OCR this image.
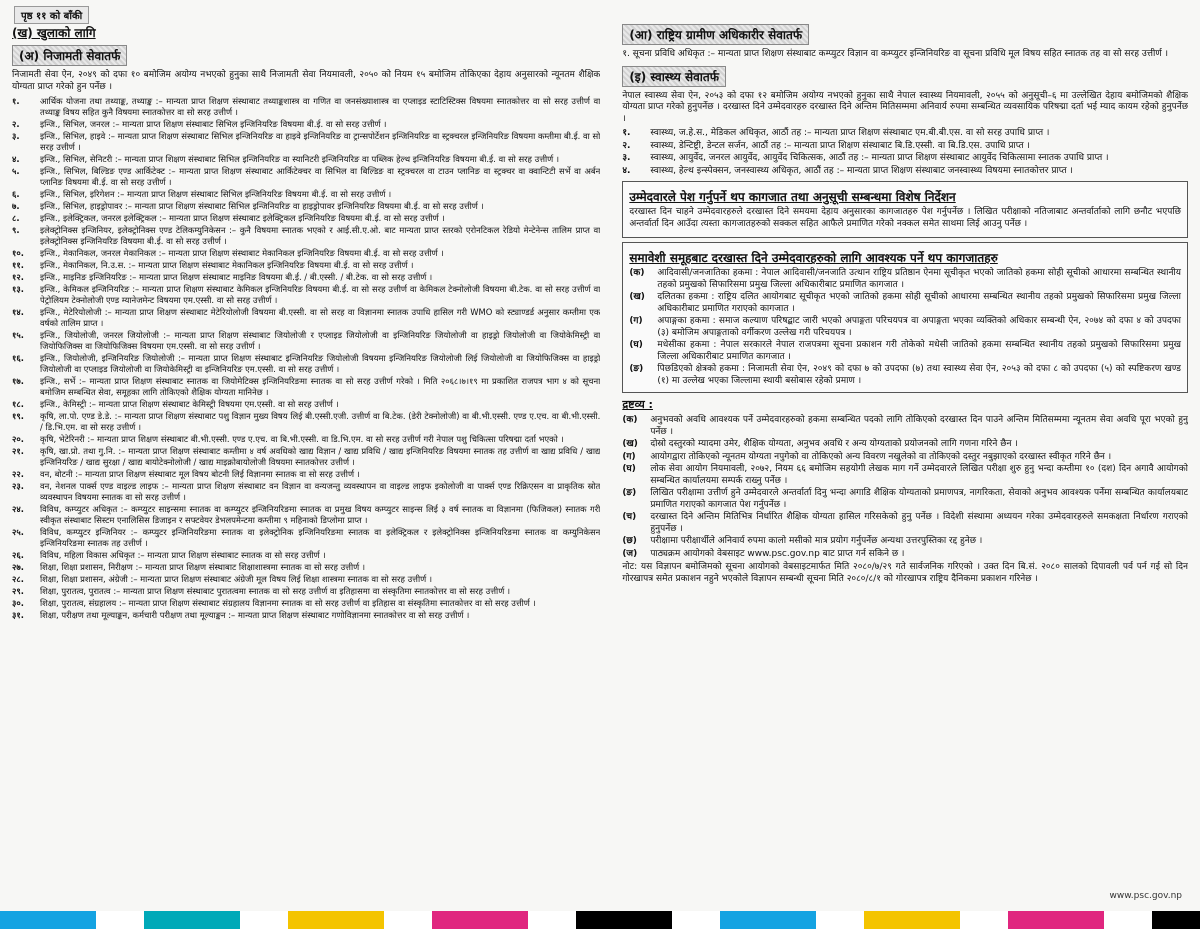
पृष्ठ ११ को बाँकी
(ख) खुलाको लागि
(अ) निजामती सेवातर्फ
निजामती सेवा ऐन, २०४९ को दफा १० बमोजिम अयोग्य नभएको हुनुका साथै निजामती सेवा नियमावली, २०५० को नियम १५ बमोजिम तोकिएका देहाय अनुसारको न्यूनतम शैक्षिक योग्यता प्राप्त गरेको हुन पर्नेछ ।
१.	आर्थिक योजना तथा तथ्याङ्क, तथ्याङ्क :– मान्यता प्राप्त शिक्षण संस्थाबाट तथ्याङ्कशास्त्र वा गणित वा जनसंख्याशास्त्र वा एप्लाइड स्टाटिस्टिक्स विषयमा स्नातकोत्तर वा सो सरह उत्तीर्ण वा तथ्याङ्क विषय सहित कुनै विषयमा स्नातकोत्तर वा सो सरह उत्तीर्ण ।
२.	इन्जि., सिभिल, जनरल :– मान्यता प्राप्त शिक्षण संस्थाबाट सिभिल इन्जिनियरिङ विषयमा बी.ई. वा सो सरह उत्तीर्ण ।
३.	इन्जि., सिभिल, हाइवे :– मान्यता प्राप्त शिक्षण संस्थाबाट सिभिल इन्जिनियरिङ वा हाइवे इन्जिनियरिङ वा ट्रान्सपोर्टेशन इन्जिनियरिङ वा स्ट्रक्चरल इन्जिनियरिङ विषयमा कम्तीमा बी.ई. वा सो सरह उत्तीर्ण ।
४.	इन्जि., सिभिल, सेनिटरी :– मान्यता प्राप्त शिक्षण संस्थाबाट सिभिल इन्जिनियरिङ वा स्यानिटरी इन्जिनियरिङ वा पब्लिक हेल्थ इन्जिनियरिङ विषयमा बी.ई. वा सो सरह उत्तीर्ण ।
५.	इन्जि., सिभिल, बिल्डिङ एण्ड आर्किटेक्ट :– मान्यता प्राप्त शिक्षण संस्थाबाट आर्किटेक्चर वा सिभिल वा बिल्डिङ वा स्ट्रक्चरल वा टाउन प्लानिङ वा स्ट्रक्चर वा क्वान्टिटी सर्भे वा अर्बन प्लानिङ विषयमा बी.ई. वा सो सरह उत्तीर्ण ।
६.	इन्जि., सिभिल, इरिगेशन :– मान्यता प्राप्त शिक्षण संस्थाबाट सिभिल इन्जिनियरिङ विषयमा बी.ई. वा सो सरह उत्तीर्ण ।
७.	इन्जि., सिभिल, हाइड्रोपावर :– मान्यता प्राप्त शिक्षण संस्थाबाट सिभिल इन्जिनियरिङ वा हाइड्रोपावर इन्जिनियरिङ विषयमा बी.ई. वा सो सरह उत्तीर्ण ।
८.	इन्जि., इलेक्ट्रिकल, जनरल इलेक्ट्रिकल :– मान्यता प्राप्त शिक्षण संस्थाबाट इलेक्ट्रिकल इन्जिनियरिङ विषयमा बी.ई. वा सो सरह उत्तीर्ण ।
९.	इलेक्ट्रोनिक्स इन्जिनियर, इलेक्ट्रोनिक्स एण्ड टेलिकम्युनिकेसन :– कुनै विषयमा स्नातक भएको र आई.सी.ए.ओ. बाट मान्यता प्राप्त स्तरको एरोनटिकल रेडियो मेन्टेनेन्स तालिम प्राप्त वा इलेक्ट्रोनिक्स इन्जिनियरिङ विषयमा बी.ई. वा सो सरह उत्तीर्ण ।
१०.	इन्जि., मेकानिकल, जनरल मेकानिकल :– मान्यता प्राप्त शिक्षण संस्थाबाट मेकानिकल इन्जिनियरिङ विषयमा बी.ई. वा सो सरह उत्तीर्ण ।
११.	इन्जि., मेकानिकल, नि.उ.स. :– मान्यता प्राप्त शिक्षण संस्थाबाट मेकानिकल इन्जिनियरिङ विषयमा बी.ई. वा सो सरह उत्तीर्ण ।
१२.	इन्जि., माइनिङ इन्जिनियरिङ :– मान्यता प्राप्त शिक्षण संस्थाबाट माइनिङ विषयमा बी.ई. / बी.एस्सी. / बी.टेक. वा सो सरह उत्तीर्ण ।
१३.	इन्जि., केमिकल इन्जिनियरिङ :– मान्यता प्राप्त शिक्षण संस्थाबाट केमिकल इन्जिनियरिङ विषयमा बी.ई. वा सो सरह उत्तीर्ण वा केमिकल टेक्नोलोजी विषयमा बी.टेक. वा सो सरह उत्तीर्ण वा पेट्रोलियम टेक्नोलोजी एण्ड म्यानेजमेन्ट विषयमा एम.एस्सी. वा सो सरह उत्तीर्ण ।
१४.	इन्जि., मेटेरियोलोजी :– मान्यता प्राप्त शिक्षण संस्थाबाट मेटेरियोलोजी विषयमा बी.एस्सी. वा सो सरह वा विज्ञानमा स्नातक उपाधि हासिल गरी WMO को स्ट्याण्डर्ड अनुसार कम्तीमा एक वर्षको तालिम प्राप्त ।
१५.	इन्जि., जियोलोजी, जनरल जियोलोजी :– मान्यता प्राप्त शिक्षण संस्थाबाट जियोलोजी र एप्लाइड जियोलोजी वा इन्जिनियरिङ जियोलोजी वा हाइड्रो जियोलोजी वा जियोकेमिस्ट्री वा जियोफिजिक्स वा जियोफिजिक्स विषयमा एम.एस्सी. वा सो सरह उत्तीर्ण ।
१६.	इन्जि., जियोलोजी, इन्जिनियरिङ जियोलोजी :– मान्यता प्राप्त शिक्षण संस्थाबाट इन्जिनियरिङ जियोलोजी विषयमा इन्जिनियरिङ जियोलोजी लिई जियोलोजी वा जियोफिजिक्स वा हाइड्रो जियोलोजी वा एप्लाइड जियोलोजी वा जियोकेमिस्ट्री वा इन्जिनियरिङ एम.एस्सी. वा सो सरह उत्तीर्ण ।
१७.	इन्जि., सर्भे :– मान्यता प्राप्त शिक्षण संस्थाबाट स्नातक वा जियोमेटिक्स इन्जिनियरिङमा स्नातक वा सो सरह उत्तीर्ण गरेको । मिति २०६८।७।१९ मा प्रकाशित राजपत्र भाग ४ को सूचना बमोजिम सम्बन्धित सेवा, समूहका लागि तोकिएको शैक्षिक योग्यता मानिनेछ ।
१८.	इन्जि., केमिस्ट्री :– मान्यता प्राप्त शिक्षण संस्थाबाट केमिस्ट्री विषयमा एम.एस्सी. वा सो सरह उत्तीर्ण ।
१९.	कृषि, ला.पो. एण्ड डे.डे. :– मान्यता प्राप्त शिक्षण संस्थाबाट पशु विज्ञान मुख्य विषय लिई बी.एस्सी.एजी. उत्तीर्ण वा बि.टेक. (डेरी टेक्नोलोजी) वा बी.भी.एस्सी. एण्ड ए.एच. वा बी.भी.एस्सी. / डि.भि.एम. वा सो सरह उत्तीर्ण ।
२०.	कृषि, भेटेरिनरी :– मान्यता प्राप्त शिक्षण संस्थाबाट बी.भी.एस्सी. एण्ड ए.एच. वा बि.भी.एस्सी. वा डि.भि.एम. वा सो सरह उत्तीर्ण गरी नेपाल पशु चिकित्सा परिषद्मा दर्ता भएको ।
२१.	कृषि, खा.प्रो. तथा गु.नि. :– मान्यता प्राप्त शिक्षण संस्थाबाट कम्तीमा ४ वर्ष अवधिको खाद्य विज्ञान / खाद्य प्रविधि / खाद्य इन्जिनियरिङ विषयमा स्नातक तह उत्तीर्ण वा खाद्य प्रविधि / खाद्य इन्जिनियरिङ / खाद्य सुरक्षा / खाद्य बायोटेक्नोलोजी / खाद्य माइक्रोबायोलोजी विषयमा स्नातकोत्तर उत्तीर्ण ।
२२.	वन, बोटनी :– मान्यता प्राप्त शिक्षण संस्थाबाट मूल विषय बोटनी लिई विज्ञानमा स्नातक वा सो सरह उत्तीर्ण ।
२३.	वन, नेशनल पार्क्स एण्ड वाइल्ड लाइफ :– मान्यता प्राप्त शिक्षण संस्थाबाट वन विज्ञान वा वन्यजन्तु व्यवस्थापन वा वाइल्ड लाइफ इकोलोजी वा पार्क्स एण्ड रिक्रिएसन वा प्राकृतिक स्रोत व्यवस्थापन विषयमा स्नातक वा सो सरह उत्तीर्ण ।
२४.	विविध, कम्प्युटर अधिकृत :– कम्प्युटर साइन्समा स्नातक वा कम्प्युटर इन्जिनियरिङमा स्नातक वा प्रमुख विषय कम्प्युटर साइन्स लिई ३ वर्ष स्नातक वा विज्ञानमा (फिजिकल) स्नातक गरी स्वीकृत संस्थाबाट सिस्टम एनालिसिस डिजाइन र सफ्टवेयर डेभलपमेन्टमा कम्तीमा ९ महिनाको डिप्लोमा प्राप्त ।
२५.	विविध, कम्प्युटर इन्जिनियर :– कम्प्युटर इन्जिनियरिङमा स्नातक वा इलेक्ट्रोनिक इन्जिनियरिङमा स्नातक वा इलेक्ट्रिकल र इलेक्ट्रोनिक्स इन्जिनियरिङमा स्नातक वा कम्युनिकेसन इन्जिनियरिङमा स्नातक तह उत्तीर्ण ।
२६.	विविध, महिला विकास अधिकृत :– मान्यता प्राप्त शिक्षण संस्थाबाट स्नातक वा सो सरह उत्तीर्ण ।
२७.	शिक्षा, शिक्षा प्रशासन, निरीक्षण :– मान्यता प्राप्त शिक्षण संस्थाबाट शिक्षाशास्त्रमा स्नातक वा सो सरह उत्तीर्ण ।
२८.	शिक्षा, शिक्षा प्रशासन, अंग्रेजी :– मान्यता प्राप्त शिक्षण संस्थाबाट अंग्रेजी मूल विषय लिई शिक्षा शास्त्रमा स्नातक वा सो सरह उत्तीर्ण ।
२९.	शिक्षा, पुरातत्व, पुरातत्व :– मान्यता प्राप्त शिक्षण संस्थाबाट पुरातत्वमा स्नातक वा सो सरह उत्तीर्ण वा इतिहासमा वा संस्कृतिमा स्नातकोत्तर वा सो सरह उत्तीर्ण ।
३०.	शिक्षा, पुरातत्व, संग्रहालय :– मान्यता प्राप्त शिक्षण संस्थाबाट संग्रहालय विज्ञानमा स्नातक वा सो सरह उत्तीर्ण वा इतिहास वा संस्कृतिमा स्नातकोत्तर वा सो सरह उत्तीर्ण ।
३१.	शिक्षा, परीक्षण तथा मूल्याङ्कन, कर्मचारी परीक्षण तथा मूल्याङ्कन :– मान्यता प्राप्त शिक्षण संस्थाबाट गणोविज्ञानमा स्नातकोत्तर वा सो सरह उत्तीर्ण ।
(आ) राष्ट्रिय ग्रामीण अधिकारीर सेवातर्फ
१. सूचना प्रविधि अधिकृत :– मान्यता प्राप्त शिक्षण संस्थाबाट कम्प्युटर विज्ञान वा कम्प्युटर इन्जिनियरिङ वा सूचना प्रविधि मूल विषय सहित स्नातक तह वा सो सरह उत्तीर्ण ।
(इ) स्वास्थ्य सेवातर्फ
नेपाल स्वास्थ्य सेवा ऐन, २०५३ को दफा १२ बमोजिम अयोग्य नभएको हुनुका साथै नेपाल स्वास्थ्य नियमावली, २०५५ को अनुसूची–६ मा उल्लेखित देहाय बमोजिमको शैक्षिक योग्यता प्राप्त गरेको हुनुपर्नेछ । दरखास्त दिने उम्मेदवारहरु दरखास्त दिने अन्तिम मितिसम्ममा अनिवार्य रुपमा सम्बन्धित व्यवसायिक परिषद्मा दर्ता भई म्याद कायम रहेको हुनुपर्नेछ ।
१.	स्वास्थ्य, ज.हे.स., मेडिकल अधिकृत, आठौं तह :– मान्यता प्राप्त शिक्षण संस्थाबाट एम.बी.बी.एस. वा सो सरह उपाधि प्राप्त ।
२.	स्वास्थ्य, डेन्टिष्ट्री, डेन्टल सर्जन, आठौं तह :– मान्यता प्राप्त शिक्षण संस्थाबाट बि.डि.एस्सी. वा बि.डि.एस. उपाधि प्राप्त ।
३.	स्वास्थ्य, आयुर्वेद, जनरल आयुर्वेद, आयुर्वेद चिकित्सक, आठौं तह :– मान्यता प्राप्त शिक्षण संस्थाबाट आयुर्वेद चिकित्सामा स्नातक उपाधि प्राप्त ।
४.	स्वास्थ्य, हेल्थ इन्स्पेक्सन, जनस्वास्थ्य अधिकृत, आठौं तह :– मान्यता प्राप्त शिक्षण संस्थाबाट जनस्वास्थ्य विषयमा स्नातकोत्तर प्राप्त ।
उम्मेदवारले पेश गर्नुपर्ने थप कागजात तथा अनुसूची सम्बन्धमा विशेष निर्देशन
दरखास्त दिन चाहने उम्मेदवारहरुले दरखास्त दिने समयमा देहाय अनुसारका कागजातहरु पेश गर्नुपर्नेछ । लिखित परीक्षाको नतिजाबाट अन्तर्वार्ताको लागि छनौट भएपछि अन्तर्वार्ता दिन आउँदा त्यस्ता कागजातहरुको सक्कल सहित आफैले प्रमाणित गरेको नक्कल समेत साथमा लिई आउनु पर्नेछ ।
समावेशी समूहबाट दरखास्त दिने उम्मेदवारहरुको लागि आवश्यक पर्ने थप कागजातहरु
(क)	आदिवासी/जनजातिका हकमा : नेपाल आदिवासी/जनजाति उत्थान राष्ट्रिय प्रतिष्ठान ऐनमा सूचीकृत भएको जातिको हकमा सोही सूचीको आधारमा सम्बन्धित स्थानीय तहको प्रमुखको सिफारिसमा प्रमुख जिल्ला अधिकारीबाट प्रमाणित कागजात ।
(ख)	दलितका हकमा : राष्ट्रिय दलित आयोगबाट सूचीकृत भएको जातिको हकमा सोही सूचीको आधारमा सम्बन्धित स्थानीय तहको प्रमुखको सिफारिसमा प्रमुख जिल्ला अधिकारीबाट प्रमाणित गराएको कागजात ।
(ग)	अपाङ्गका हकमा : समाज कल्याण परिषद्बाट जारी भएको अपाङ्गता परिचयपत्र वा अपाङ्गता भएका व्यक्तिको अधिकार सम्बन्धी ऐन, २०७४ को दफा ४ को उपदफा (३) बमोजिम अपाङ्गताको वर्गीकरण उल्लेख गरी परिचयपत्र ।
(घ)	मधेसीका हकमा : नेपाल सरकारले नेपाल राजपत्रमा सूचना प्रकाशन गरी तोकेको मधेसी जातिको हकमा सम्बन्धित स्थानीय तहको प्रमुखको सिफारिसमा प्रमुख जिल्ला अधिकारीबाट प्रमाणित कागजात ।
(ङ)	पिछडिएको क्षेत्रको हकमा : निजामती सेवा ऐन, २०४९ को दफा ७ को उपदफा (७) तथा स्वास्थ्य सेवा ऐन, २०५३ को दफा ८ को उपदफा (५) को स्पष्टिकरण खण्ड (१) मा उल्लेख भएका जिल्लामा स्थायी बसोबास रहेको प्रमाण ।
द्रष्टव्य :
(क)	अनुभवको अवधि आवश्यक पर्ने उम्मेदवारहरुको हकमा सम्बन्धित पदको लागि तोकिएको दरखास्त दिन पाउने अन्तिम मितिसम्ममा न्यूनतम सेवा अवधि पूरा भएको हुनु पर्नेछ ।
(ख)	दोस्रो दस्तुरको म्यादमा उमेर, शैक्षिक योग्यता, अनुभव अवधि र अन्य योग्यताको प्रयोजनको लागि गणना गरिने छैन ।
(ग)	आयोगद्वारा तोकिएको न्यूनतम योग्यता नपुगेको वा तोकिएको अन्य विवरण नखुलेको वा तोकिएको दस्तुर नबुझाएको दरखास्त स्वीकृत गरिने छैन ।
(घ)	लोक सेवा आयोग नियमावली, २०७२, नियम ६६ बमोजिम सहयोगी लेखक माग गर्ने उम्मेदवारले लिखित परीक्षा शुरु हुनु भन्दा कम्तीमा १० (दश) दिन अगावै आयोगको सम्बन्धित कार्यालयमा सम्पर्क राख्नु पर्नेछ ।
(ङ)	लिखित परीक्षामा उत्तीर्ण हुने उम्मेदवारले अन्तर्वार्ता दिनु भन्दा अगाडि शैक्षिक योग्यताको प्रमाणपत्र, नागरिकता, सेवाको अनुभव आवश्यक पर्नेमा सम्बन्धित कार्यालयबाट प्रमाणित गराएको कागजात पेश गर्नुपर्नेछ ।
(च)	दरखास्त दिने अन्तिम मितिभित्र निर्धारित शैक्षिक योग्यता हासिल गरिसकेको हुनु पर्नेछ । विदेशी संस्थामा अध्ययन गरेका उम्मेदवारहरुले समकक्षता निर्धारण गराएको हुनुपर्नेछ ।
(छ)	परीक्षामा परीक्षार्थीले अनिवार्य रुपमा कालो मसीको मात्र प्रयोग गर्नुपर्नेछ अन्यथा उत्तरपुस्तिका रद्द हुनेछ ।
(ज)	पाठ्यक्रम आयोगको वेबसाइट www.psc.gov.np बाट प्राप्त गर्न सकिने छ ।
नोट: यस विज्ञापन बमोजिमको सूचना आयोगको वेबसाइटमार्फत मिति २०८०/७/२९ गते सार्वजनिक गरिएको । उक्त दिन बि.सं. २०८० सालको दिपावली पर्व पर्न गई सो दिन गोरखापत्र समेत प्रकाशन नहुने भएकोले विज्ञापन सम्बन्धी सूचना मिति २०८०/८/१ को गोरखापत्र राष्ट्रिय दैनिकमा प्रकाशन गरिनेछ ।
www.psc.gov.np
